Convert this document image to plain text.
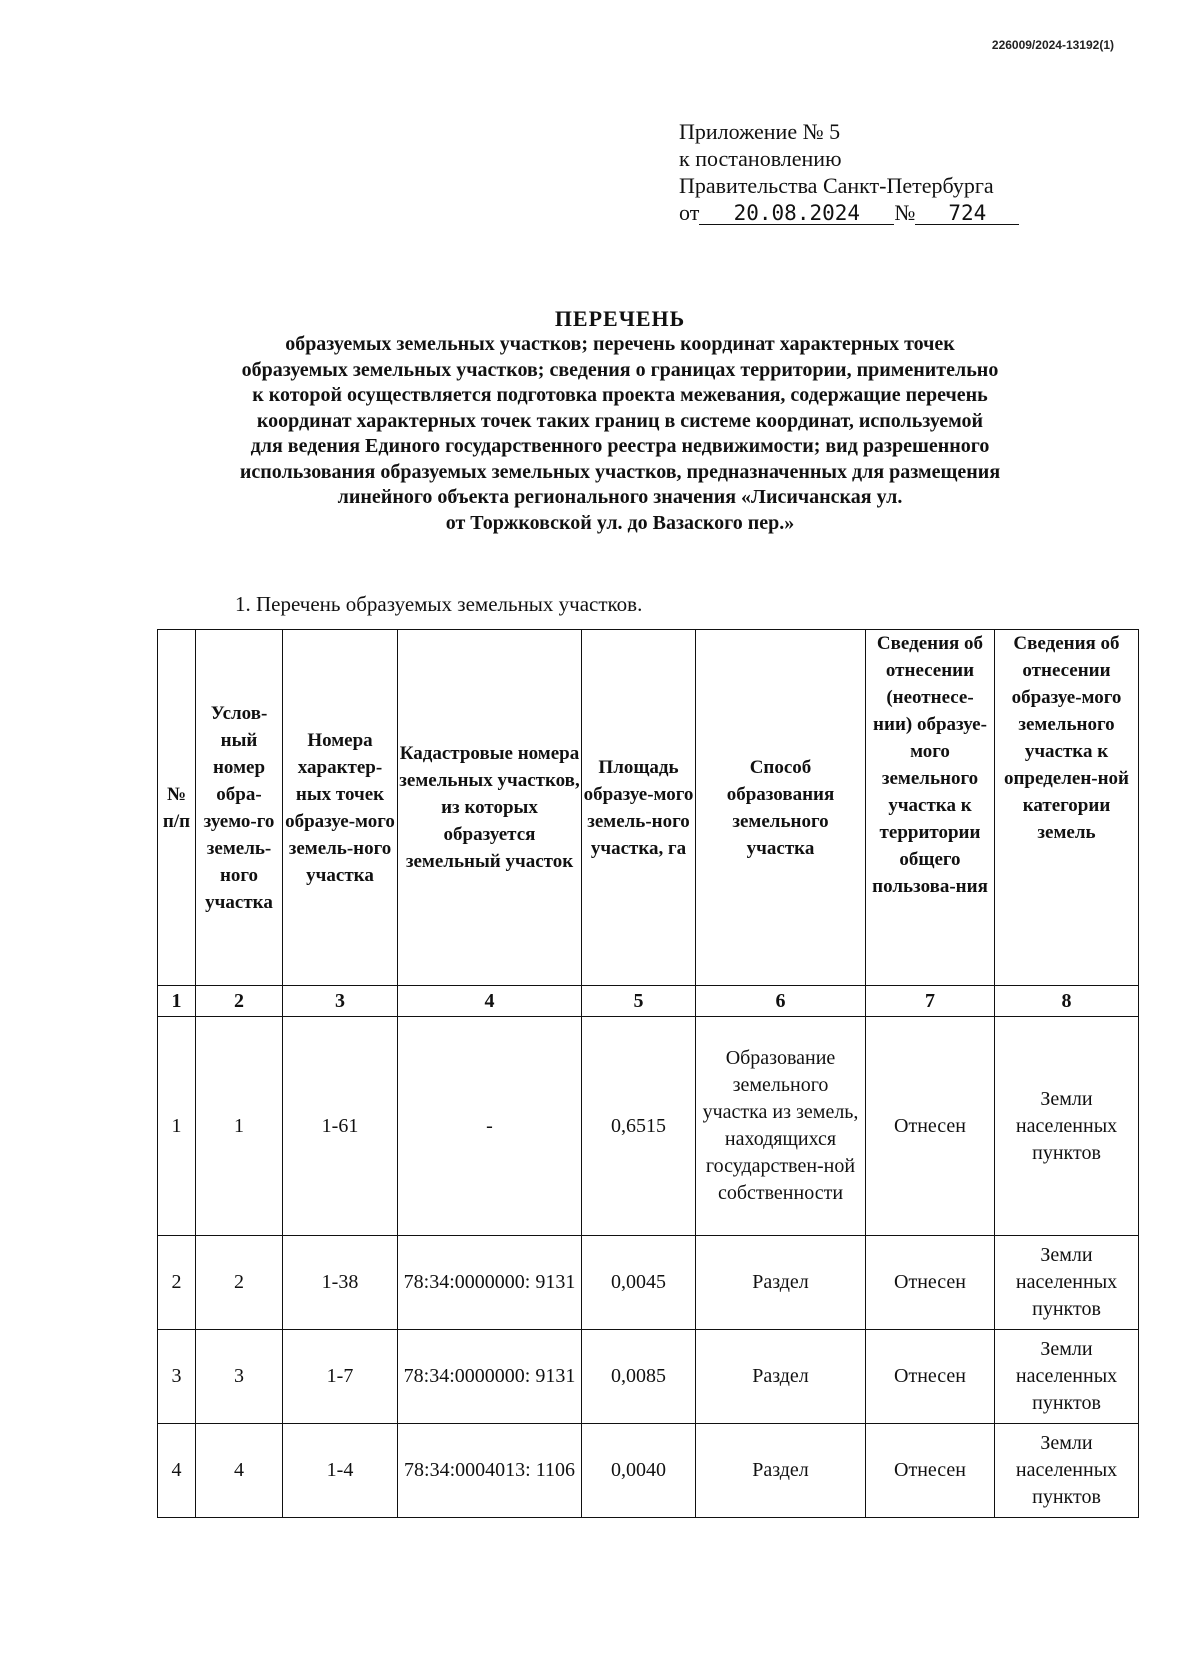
226009/2024-13192(1)
Приложение № 5
к постановлению
Правительства Санкт-Петербурга
от 20.08.2024 № 724
ПЕРЕЧЕНЬ
образуемых земельных участков; перечень координат характерных точек
образуемых земельных участков; сведения о границах территории, применительно
к которой осуществляется подготовка проекта межевания, содержащие перечень
координат характерных точек таких границ в системе координат, используемой
для ведения Единого государственного реестра недвижимости; вид разрешенного
использования образуемых земельных участков, предназначенных для размещения
линейного объекта регионального значения «Лисичанская ул.
от Торжковской ул. до Вазаского пер.»
1. Перечень образуемых земельных участков.
№ п/п	Услов-ный номер обра-зуемо-го земель-ного участка	Номера характер-ных точек образуе-мого земель-ного участка	Кадастровые номера земельных участков, из которых образуется земельный участок	Площадь образуе-мого земель-ного участка, га	Способ образования земельного участка	Сведения об отнесении (неотнесе-нии) образуе-мого земельного участка к территории общего пользова-ния	Сведения об отнесении образуе-мого земельного участка к определен-ной категории земель
1	2	3	4	5	6	7	8
1	1	1-61	-	0,6515	Образование земельного участка из земель, находящихся государствен-ной собственности	Отнесен	Земли населенных пунктов
2	2	1-38	78:34:0000000: 9131	0,0045	Раздел	Отнесен	Земли населенных пунктов
3	3	1-7	78:34:0000000: 9131	0,0085	Раздел	Отнесен	Земли населенных пунктов
4	4	1-4	78:34:0004013: 1106	0,0040	Раздел	Отнесен	Земли населенных пунктов
